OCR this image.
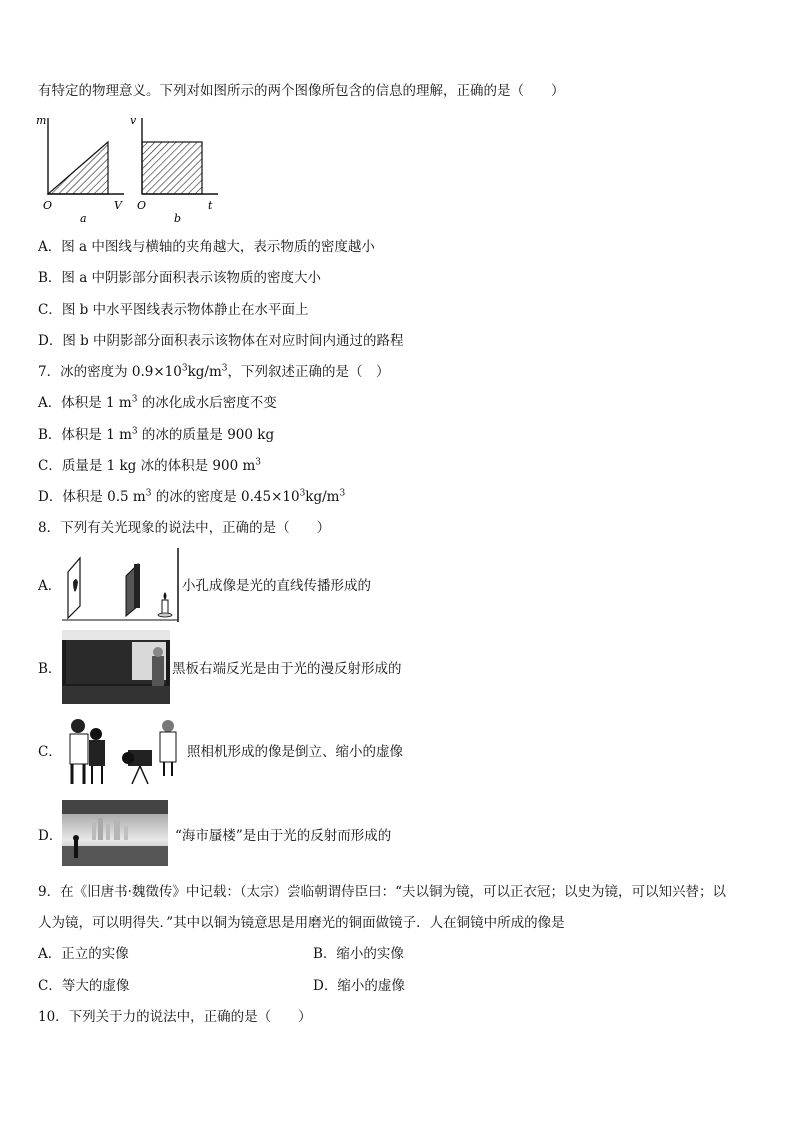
有特定的物理意义。下列对如图所示的两个图像所包含的信息的理解，正确的是（　　）
m
O	V
a
v
O	t
b
A．图 a 中图线与横轴的夹角越大，表示物质的密度越小
B．图 a 中阴影部分面积表示该物质的密度大小
C．图 b 中水平图线表示物体静止在水平面上
D．图 b 中阴影部分面积表示该物体在对应时间内通过的路程
7．冰的密度为 $0.9\times 10^3kg/m^3$，下列叙述正确的是（　）
A．体积是 1 $m^3$ 的冰化成水后密度不变
B．体积是 1 $m^3$ 的冰的质量是 900 kg
C．质量是 1 kg 冰的体积是 900 $m^3$
D．体积是 0.5 $m^3$ 的冰的密度是 $0.45\times 10^3kg/m^3$
8．下列有关光现象的说法中，正确的是（　　）
A．	小孔成像是光的直线传播形成的
B．	黑板右端反光是由于光的漫反射形成的
C．	照相机形成的像是倒立、缩小的虚像
D．	“海市蜃楼”是由于光的反射而形成的
9．在《旧唐书·魏徵传》中记载：（太宗）尝临朝谓侍臣曰：“夫以铜为镜，可以正衣冠；以史为镜，可以知兴替；以
人为镜，可以明得失．”其中以铜为镜意思是用磨光的铜面做镜子．人在铜镜中所成的像是
A．正立的实像	B．缩小的实像
C．等大的虚像	D．缩小的虚像
10．下列关于力的说法中，正确的是（　　）
